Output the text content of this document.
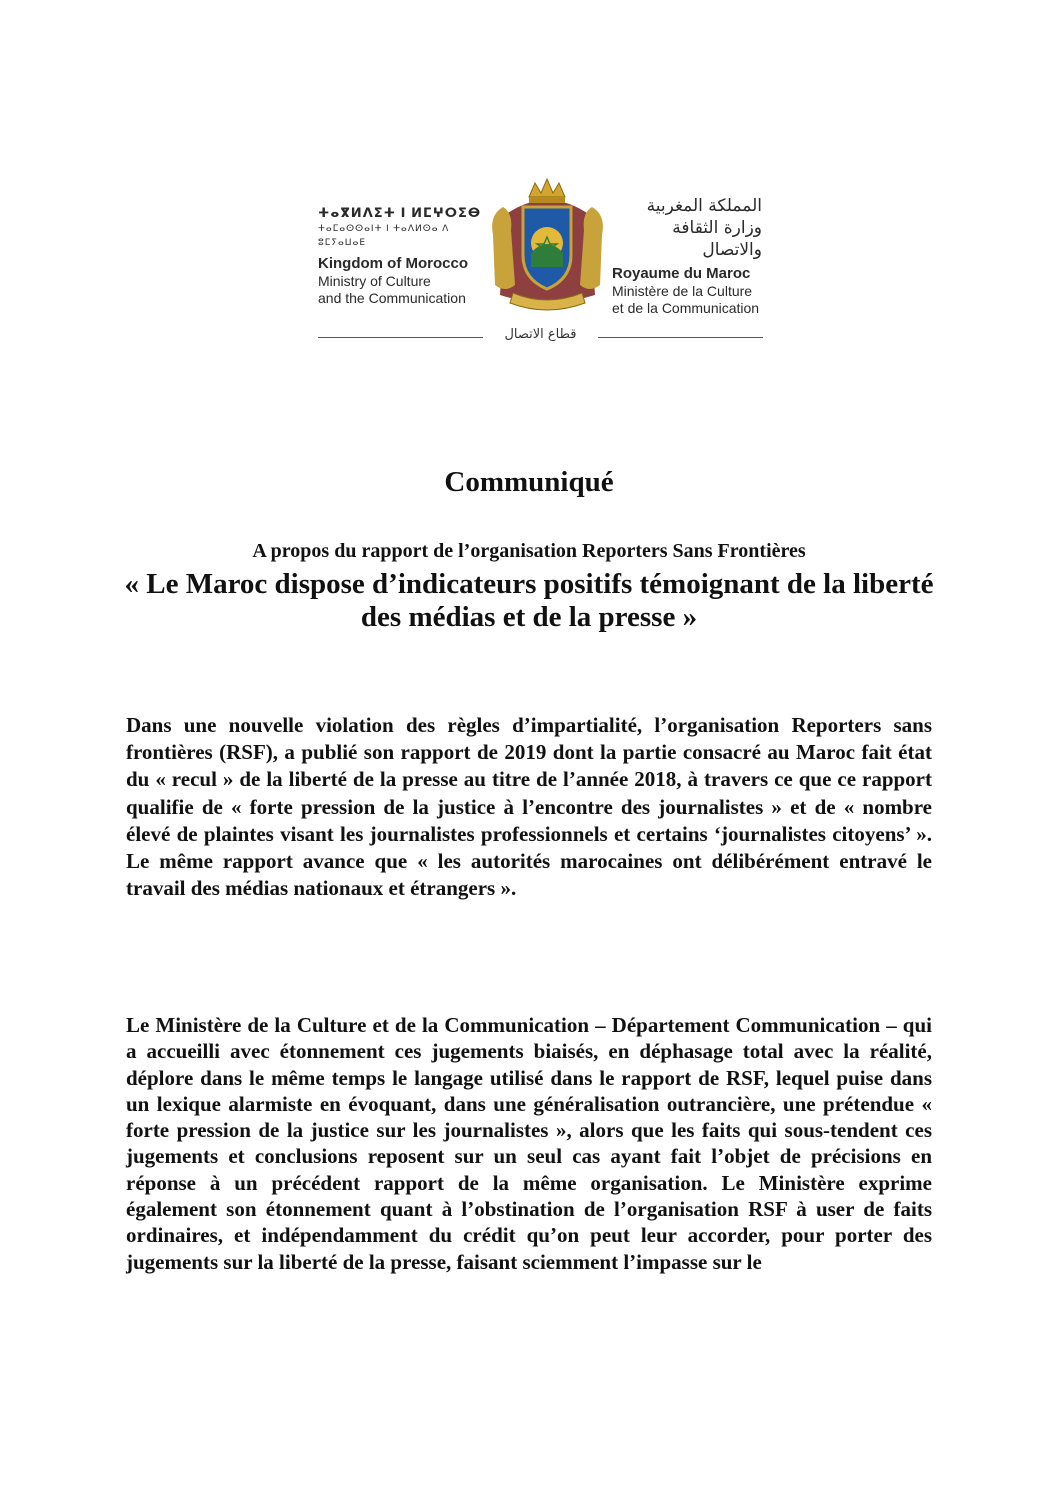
ⵜⴰⴳⵍⴷⵉⵜ ⵏ ⵍⵎⵖⵔⵉⴱ
ⵜⴰⵎⴰⵙⵙⴰⵏⵜ ⵏ ⵜⴰⴷⵍⵙⴰ ⴷ ⵓⵎⵢⴰⵡⴰⴹ
Kingdom of Morocco
Ministry of Culture
and the Communication
المملكة المغربية
وزارة الثقافة والاتصال
Royaume du Maroc
Ministère de la Culture
et de la Communication
قطاع الاتصال
Communiqué
A propos du rapport de l’organisation Reporters Sans Frontières
« Le Maroc dispose d’indicateurs positifs témoignant de la liberté des médias et de la presse »
Dans une nouvelle violation des règles d’impartialité, l’organisation Reporters sans frontières (RSF), a publié son rapport de 2019 dont la partie consacré au Maroc fait état du « recul » de la liberté de la presse au titre de l’année 2018, à travers ce que ce rapport qualifie de « forte pression de la justice à l’encontre des journalistes » et de « nombre élevé de plaintes visant les journalistes professionnels et certains ‘journalistes citoyens’ ». Le même rapport avance que « les autorités marocaines ont délibérément entravé le travail des médias nationaux et étrangers ».
Le Ministère de la Culture et de la Communication – Département Communication – qui a accueilli avec étonnement ces jugements biaisés, en déphasage total avec la réalité, déplore dans le même temps le langage utilisé dans le rapport de RSF, lequel puise dans un lexique alarmiste en évoquant, dans une généralisation outrancière, une prétendue « forte pression de la justice sur les journalistes », alors que les faits qui sous-tendent ces jugements et conclusions reposent sur un seul cas ayant fait l’objet de précisions en réponse à un précédent rapport de la même organisation. Le Ministère exprime également son étonnement quant à l’obstination de l’organisation RSF à user de faits ordinaires, et indépendamment du crédit qu’on peut leur accorder, pour porter des jugements sur la liberté de la presse, faisant sciemment l’impasse sur le
